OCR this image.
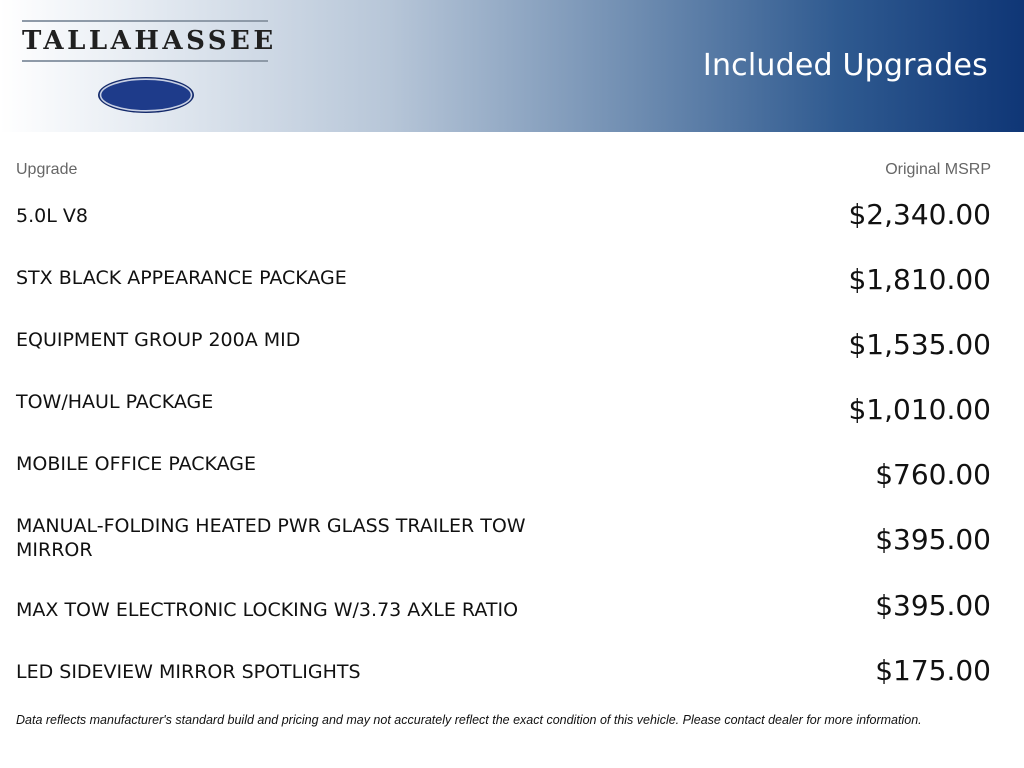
TALLAHASSEE
Included Upgrades
Upgrade	Original MSRP
5.0L V8	$2,340.00
STX BLACK APPEARANCE PACKAGE	$1,810.00
EQUIPMENT GROUP 200A MID	$1,535.00
TOW/HAUL PACKAGE	$1,010.00
MOBILE OFFICE PACKAGE	$760.00
MANUAL-FOLDING HEATED PWR GLASS TRAILER TOW MIRROR	$395.00
MAX TOW ELECTRONIC LOCKING W/3.73 AXLE RATIO	$395.00
LED SIDEVIEW MIRROR SPOTLIGHTS	$175.00
Data reflects manufacturer's standard build and pricing and may not accurately reflect the exact condition of this vehicle. Please contact dealer for more information.
